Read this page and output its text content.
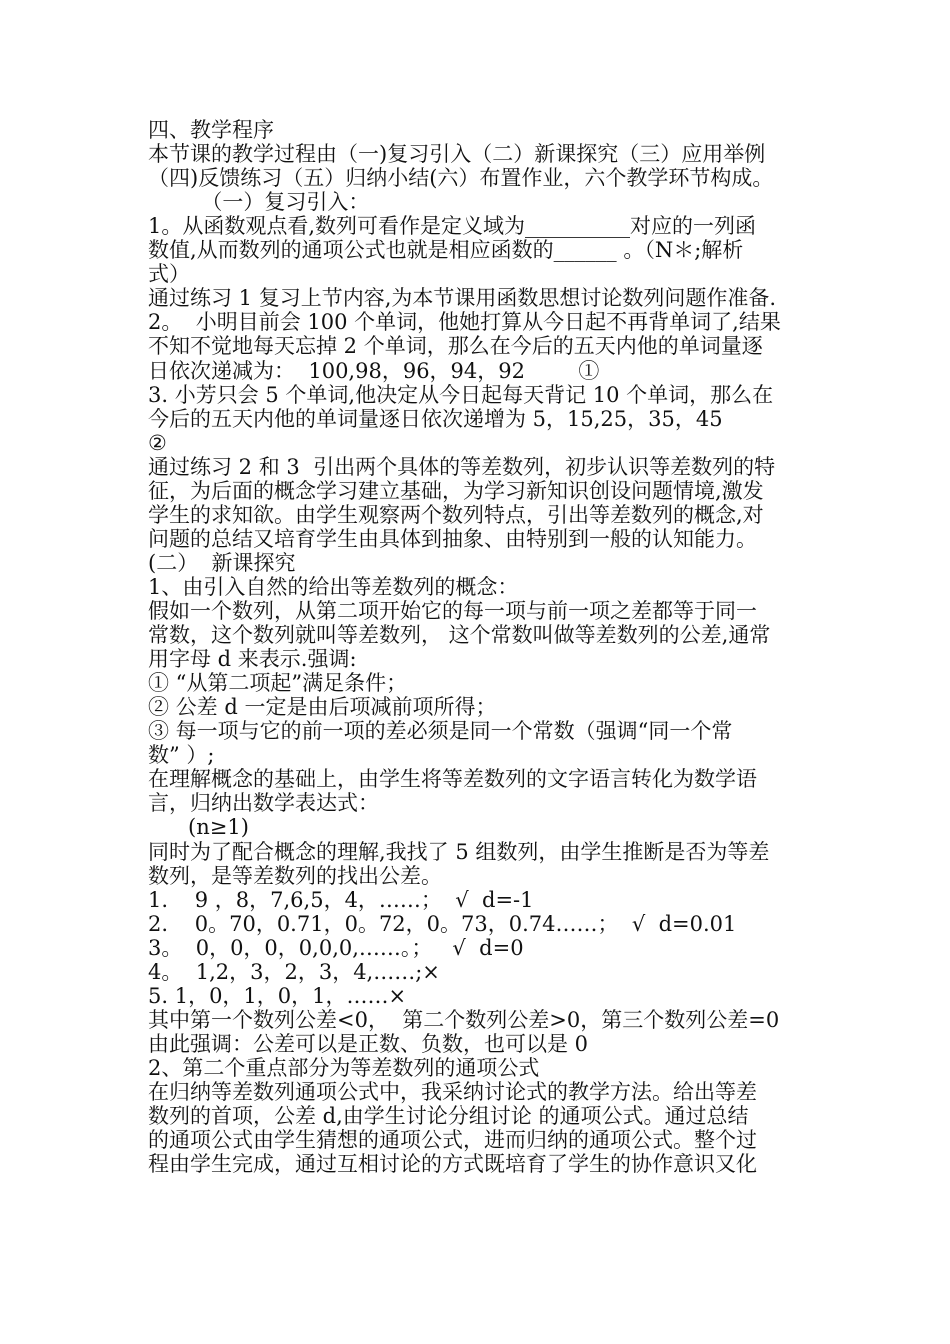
四、教学程序
本节课的教学过程由（一)复习引入（二）新课探究（三）应用举例
（四)反馈练习（五）归纳小结(六）布置作业，六个教学环节构成。
（一）复习引入：
1。从函数观点看,数列可看作是定义域为__________对应的一列函
数值,从而数列的通项公式也就是相应函数的______ 。（N＊;解析
式）
通过练习 1 复习上节内容,为本节课用函数思想讨论数列问题作准备.
2。  小明目前会 100 个单词，他她打算从今日起不再背单词了,结果
不知不觉地每天忘掉 2 个单词，那么在今后的五天内他的单词量逐
日依次递减为：  100,98，96，94，92        ①
3. 小芳只会 5 个单词,他决定从今日起每天背记 10 个单词，那么在
今后的五天内他的单词量逐日依次递增为 5，15,25，35，45
②
通过练习 2 和 3  引出两个具体的等差数列，初步认识等差数列的特
征，为后面的概念学习建立基础，为学习新知识创设问题情境,激发
学生的求知欲。由学生观察两个数列特点，引出等差数列的概念,对
问题的总结又培育学生由具体到抽象、由特别到一般的认知能力。
(二）  新课探究
1、由引入自然的给出等差数列的概念：
假如一个数列，从第二项开始它的每一项与前一项之差都等于同一
常数，这个数列就叫等差数列， 这个常数叫做等差数列的公差,通常
用字母 d 来表示.强调:
① “从第二项起”满足条件；
② 公差 d 一定是由后项减前项所得；
③ 每一项与它的前一项的差必须是同一个常数（强调“同一个常
数” ）;
在理解概念的基础上，由学生将等差数列的文字语言转化为数学语
言，归纳出数学表达式：
(n≥1)
同时为了配合概念的理解,我找了 5 组数列，由学生推断是否为等差
数列，是等差数列的找出公差。
1.    9 ，8，7,6,5，4，……；  √  d=-1
2.    0。70，0.71，0。72，0。73，0.74……；  √  d=0.01
3。  0，0，0，0,0,0,……。；   √  d=0
4。  1,2，3，2，3，4,……;×
5. 1，0，1，0，1，……×
其中第一个数列公差<0，  第二个数列公差>0，第三个数列公差=0
由此强调：公差可以是正数、负数，也可以是 0
2、第二个重点部分为等差数列的通项公式
在归纳等差数列通项公式中，我采纳讨论式的教学方法。给出等差
数列的首项，公差 d,由学生讨论分组讨论 的通项公式。通过总结
的通项公式由学生猜想的通项公式，进而归纳的通项公式。整个过
程由学生完成，通过互相讨论的方式既培育了学生的协作意识又化
